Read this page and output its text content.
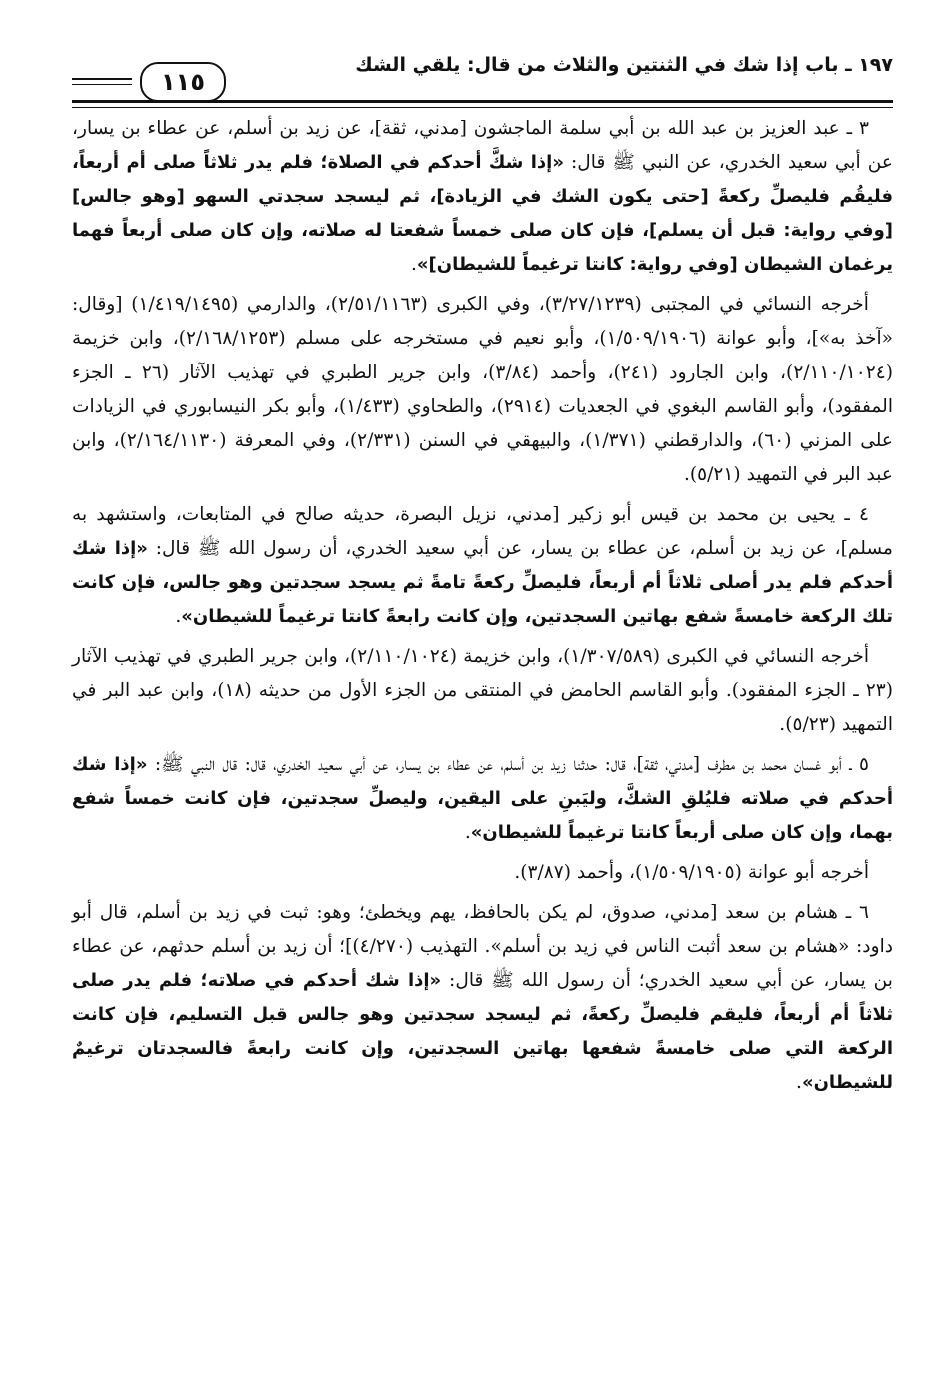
١٩٧ ـ باب إذا شك في الثنتين والثلاث من قال: يلقي الشك
١١٥

٣ ـ عبد العزيز بن عبد الله بن أبي سلمة الماجشون [مدني، ثقة]، عن زيد بن أسلم، عن عطاء بن يسار، عن أبي سعيد الخدري، عن النبي ﷺ قال: «إذا شكَّ أحدكم في الصلاة؛ فلم يدر ثلاثاً صلى أم أربعاً، فليقُم فليصلِّ ركعةً [حتى يكون الشك في الزيادة]، ثم ليسجد سجدتي السهو [وهو جالس] [وفي رواية: قبل أن يسلم]، فإن كان صلى خمساً شفعتا له صلاته، وإن كان صلى أربعاً فهما يرغمان الشيطان [وفي رواية: كانتا ترغيماً للشيطان]».

أخرجه النسائي في المجتبى (٣/٢٧/١٢٣٩)، وفي الكبرى (٢/٥١/١١٦٣)، والدارمي (١/٤١٩/١٤٩٥) [وقال: «آخذ به»]، وأبو عوانة (١/٥٠٩/١٩٠٦)، وأبو نعيم في مستخرجه على مسلم (٢/١٦٨/١٢٥٣)، وابن خزيمة (٢/١١٠/١٠٢٤)، وابن الجارود (٢٤١)، وأحمد (٣/٨٤)، وابن جرير الطبري في تهذيب الآثار (٢٦ ـ الجزء المفقود)، وأبو القاسم البغوي في الجعديات (٢٩١٤)، والطحاوي (١/٤٣٣)، وأبو بكر النيسابوري في الزيادات على المزني (٦٠)، والدارقطني (١/٣٧١)، والبيهقي في السنن (٢/٣٣١)، وفي المعرفة (٢/١٦٤/١١٣٠)، وابن عبد البر في التمهيد (٥/٢١).

٤ ـ يحيى بن محمد بن قيس أبو زكير [مدني، نزيل البصرة، حديثه صالح في المتابعات، واستشهد به مسلم]، عن زيد بن أسلم، عن عطاء بن يسار، عن أبي سعيد الخدري، أن رسول الله ﷺ قال: «إذا شك أحدكم فلم يدر أصلى ثلاثاً أم أربعاً، فليصلِّ ركعةً تامةً ثم يسجد سجدتين وهو جالس، فإن كانت تلك الركعة خامسةً شفع بهاتين السجدتين، وإن كانت رابعةً كانتا ترغيماً للشيطان».

أخرجه النسائي في الكبرى (١/٣٠٧/٥٨٩)، وابن خزيمة (٢/١١٠/١٠٢٤)، وابن جرير الطبري في تهذيب الآثار (٢٣ ـ الجزء المفقود). وأبو القاسم الحامض في المنتقى من الجزء الأول من حديثه (١٨)، وابن عبد البر في التمهيد (٥/٢٣).

٥ ـ أبو غسان محمد بن مطرف [مدني، ثقة]، قال: حدثنا زيد بن أسلم، عن عطاء بن يسار، عن أبي سعيد الخدري، قال: قال النبي ﷺ: «إذا شك أحدكم في صلاته فليُلقِ الشكَّ، وليَبنِ على اليقين، وليصلِّ سجدتين، فإن كانت خمساً شفع بهما، وإن كان صلى أربعاً كانتا ترغيماً للشيطان».

أخرجه أبو عوانة (١/٥٠٩/١٩٠٥)، وأحمد (٣/٨٧).

٦ ـ هشام بن سعد [مدني، صدوق، لم يكن بالحافظ، يهم ويخطئ؛ وهو: ثبت في زيد بن أسلم، قال أبو داود: «هشام بن سعد أثبت الناس في زيد بن أسلم». التهذيب (٤/٢٧٠)]؛ أن زيد بن أسلم حدثهم، عن عطاء بن يسار، عن أبي سعيد الخدري؛ أن رسول الله ﷺ قال: «إذا شك أحدكم في صلاته؛ فلم يدر صلى ثلاثاً أم أربعاً، فليقم فليصلِّ ركعةً، ثم ليسجد سجدتين وهو جالس قبل التسليم، فإن كانت الركعة التي صلى خامسةً شفعها بهاتين السجدتين، وإن كانت رابعةً فالسجدتان ترغيمٌ للشيطان».
